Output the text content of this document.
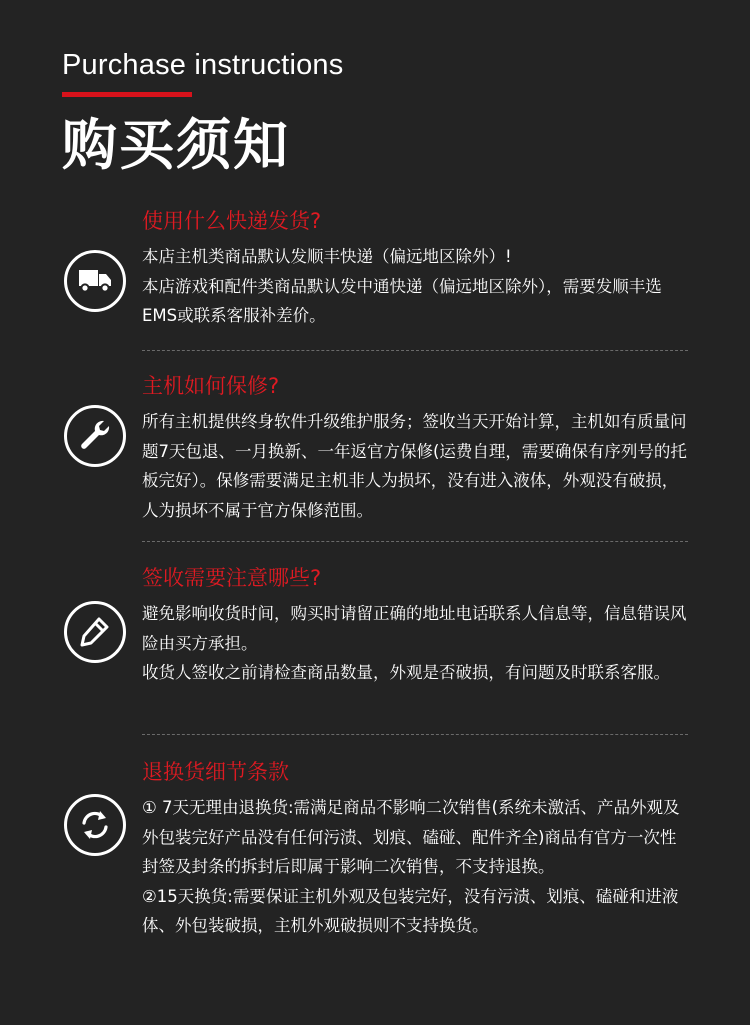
Purchase instructions
购买须知
使用什么快递发货?

本店主机类商品默认发顺丰快递（偏远地区除外）!

本店游戏和配件类商品默认发中通快递（偏远地区除外），需要发顺丰选EMS或联系客服补差价。

主机如何保修?

所有主机提供终身软件升级维护服务；签收当天开始计算，主机如有质量问题7天包退、一月换新、一年返官方保修(运费自理，需要确保有序列号的托板完好）。保修需要满足主机非人为损坏，没有进入液体，外观没有破损，人为损坏不属于官方保修范围。

签收需要注意哪些?

避免影响收货时间，购买时请留正确的地址电话联系人信息等，信息错误风险由买方承担。

收货人签收之前请检查商品数量，外观是否破损，有问题及时联系客服。

退换货细节条款

① 7天无理由退换货:需满足商品不影响二次销售(系统未激活、产品外观及外包装完好产品没有任何污渍、划痕、磕碰、配件齐全)商品有官方一次性封签及封条的拆封后即属于影响二次销售，不支持退换。

②15天换货:需要保证主机外观及包装完好，没有污渍、划痕、磕碰和进液体、外包装破损，主机外观破损则不支持换货。
